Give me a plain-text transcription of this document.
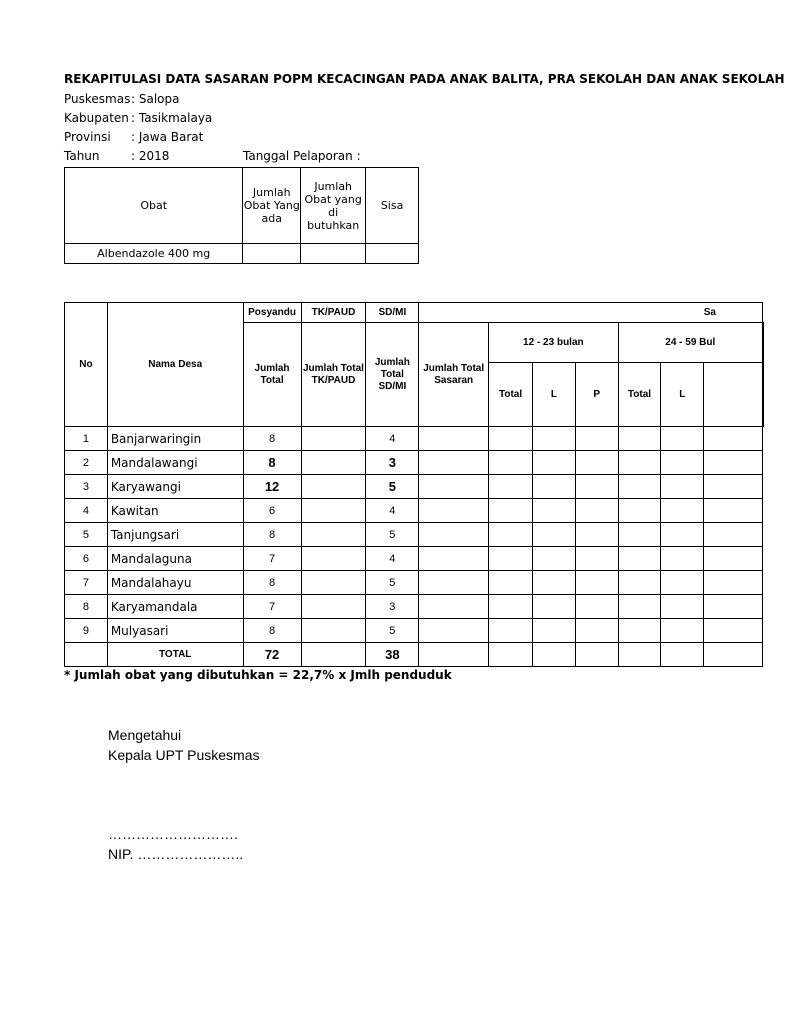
REKAPITULASI DATA SASARAN POPM KECACINGAN PADA ANAK BALITA, PRA SEKOLAH DAN ANAK SEKOLAH
Puskesmas : Salopa
Kabupaten : Tasikmalaya
Provinsi : Jawa Barat
Tahun	: 2018	Tanggal Pelaporan :
Obat	Jumlah Obat Yang ada	Jumlah Obat yang di butuhkan	Sisa
Albendazole 400 mg			
No	Nama Desa	Posyandu	TK/PAUD	SD/MI	Sa							
		Jumlah Total	Jumlah Total TK/PAUD	Jumlah Total SD/MI	Jumlah Total Sasaran	12 - 23 bulan			24 - 59 Bul			
						Total	L	P	Total	L		
1	Banjarwaringin	8		4								
2	Mandalawangi	8		3								
3	Karyawangi	12		5								
4	Kawitan	6		4								
5	Tanjungsari	8		5								
6	Mandalaguna	7		4								
7	Mandalahayu	8		5								
8	Karyamandala	7		3								
9	Mulyasari	8		5								
	TOTAL	72		38								
* Jumlah obat yang dibutuhkan = 22,7% x Jmlh penduduk
Mengetahui
Kepala UPT Puskesmas
……………………….
NIP. …………………..
